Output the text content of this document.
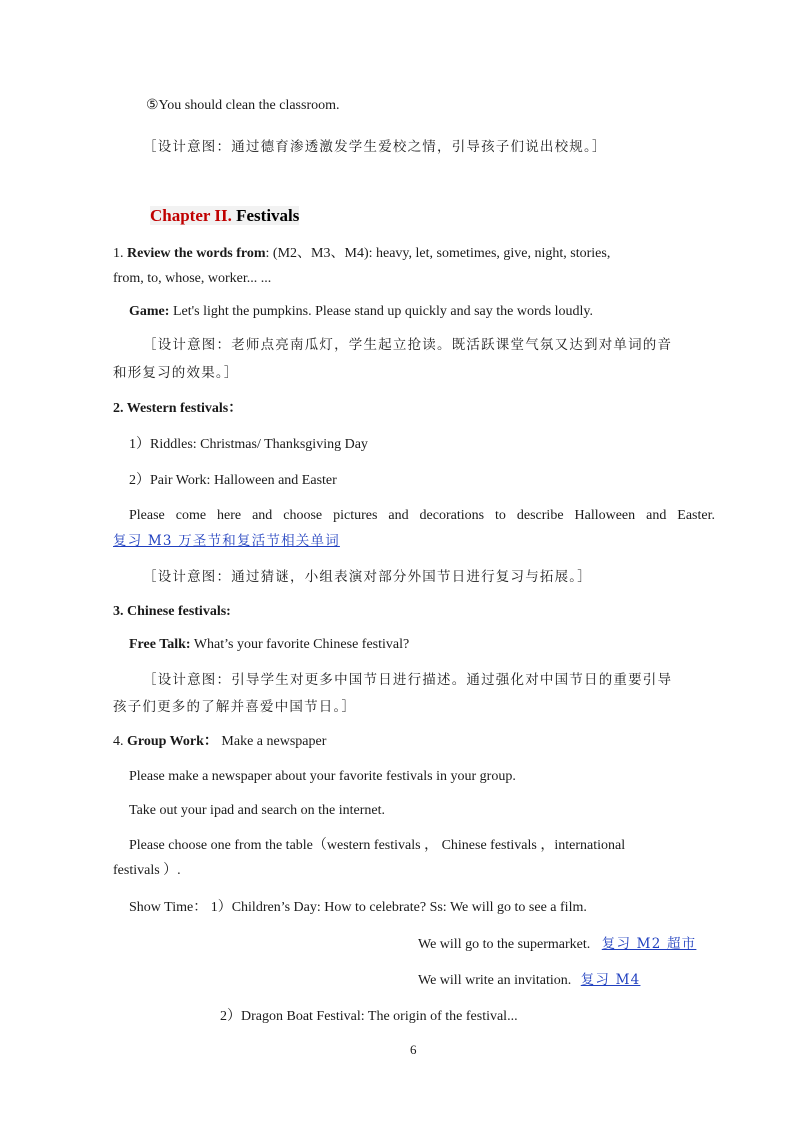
⑤You should clean the classroom.
［设计意图：通过德育渗透激发学生爱校之情，引导孩子们说出校规。］
Chapter II. Festivals
1. Review the words from: (M2、M3、M4): heavy, let, sometimes, give, night, stories,
from, to, whose, worker... ...
Game: Let's light the pumpkins. Please stand up quickly and say the words loudly.
［设计意图：老师点亮南瓜灯，学生起立抢读。既活跃课堂气氛又达到对单词的音
和形复习的效果。］
2. Western festivals：
1）Riddles: Christmas/ Thanksgiving Day
2）Pair Work: Halloween and Easter
Please come here and choose pictures and decorations to describe Halloween and Easter.
复习 M3 万圣节和复活节相关单词
［设计意图：通过猜谜，小组表演对部分外国节日进行复习与拓展。］
3. Chinese festivals:
Free Talk: What’s your favorite Chinese festival?
［设计意图：引导学生对更多中国节日进行描述。通过强化对中国节日的重要引导
孩子们更多的了解并喜爱中国节日。］
4. Group Work： Make a newspaper
Please make a newspaper about your favorite festivals in your group.
Take out your ipad and search on the internet.
Please choose one from the table（western festivals ， Chinese festivals ，international
festivals ）.
Show Time： 1）Children’s Day: How to celebrate? Ss: We will go to see a film.
We will go to the supermarket. 复习 M2 超市
We will write an invitation. 复习 M4
2）Dragon Boat Festival: The origin of the festival...
6
